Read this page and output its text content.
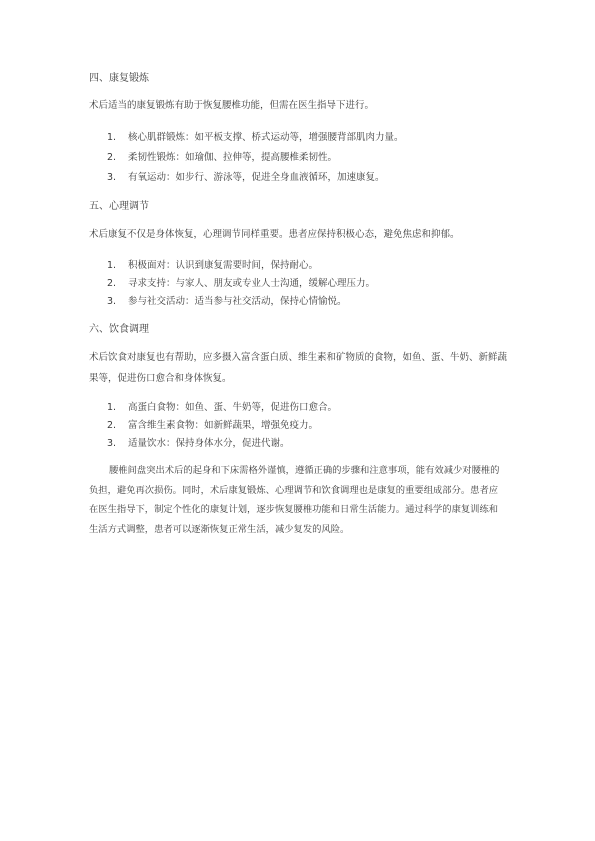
四、康复锻炼
术后适当的康复锻炼有助于恢复腰椎功能，但需在医生指导下进行。
1. 核心肌群锻炼：如平板支撑、桥式运动等，增强腰背部肌肉力量。
2. 柔韧性锻炼：如瑜伽、拉伸等，提高腰椎柔韧性。
3. 有氧运动：如步行、游泳等，促进全身血液循环，加速康复。
五、心理调节
术后康复不仅是身体恢复，心理调节同样重要。患者应保持积极心态，避免焦虑和抑郁。
1. 积极面对：认识到康复需要时间，保持耐心。
2. 寻求支持：与家人、朋友或专业人士沟通，缓解心理压力。
3. 参与社交活动：适当参与社交活动，保持心情愉悦。
六、饮食调理
术后饮食对康复也有帮助，应多摄入富含蛋白质、维生素和矿物质的食物，如鱼、蛋、牛奶、新鲜蔬果等，促进伤口愈合和身体恢复。
1. 高蛋白食物：如鱼、蛋、牛奶等，促进伤口愈合。
2. 富含维生素食物：如新鲜蔬果，增强免疫力。
3. 适量饮水：保持身体水分，促进代谢。
腰椎间盘突出术后的起身和下床需格外谨慎，遵循正确的步骤和注意事项，能有效减少对腰椎的负担，避免再次损伤。同时，术后康复锻炼、心理调节和饮食调理也是康复的重要组成部分。患者应在医生指导下，制定个性化的康复计划，逐步恢复腰椎功能和日常生活能力。通过科学的康复训练和生活方式调整，患者可以逐渐恢复正常生活，减少复发的风险。
